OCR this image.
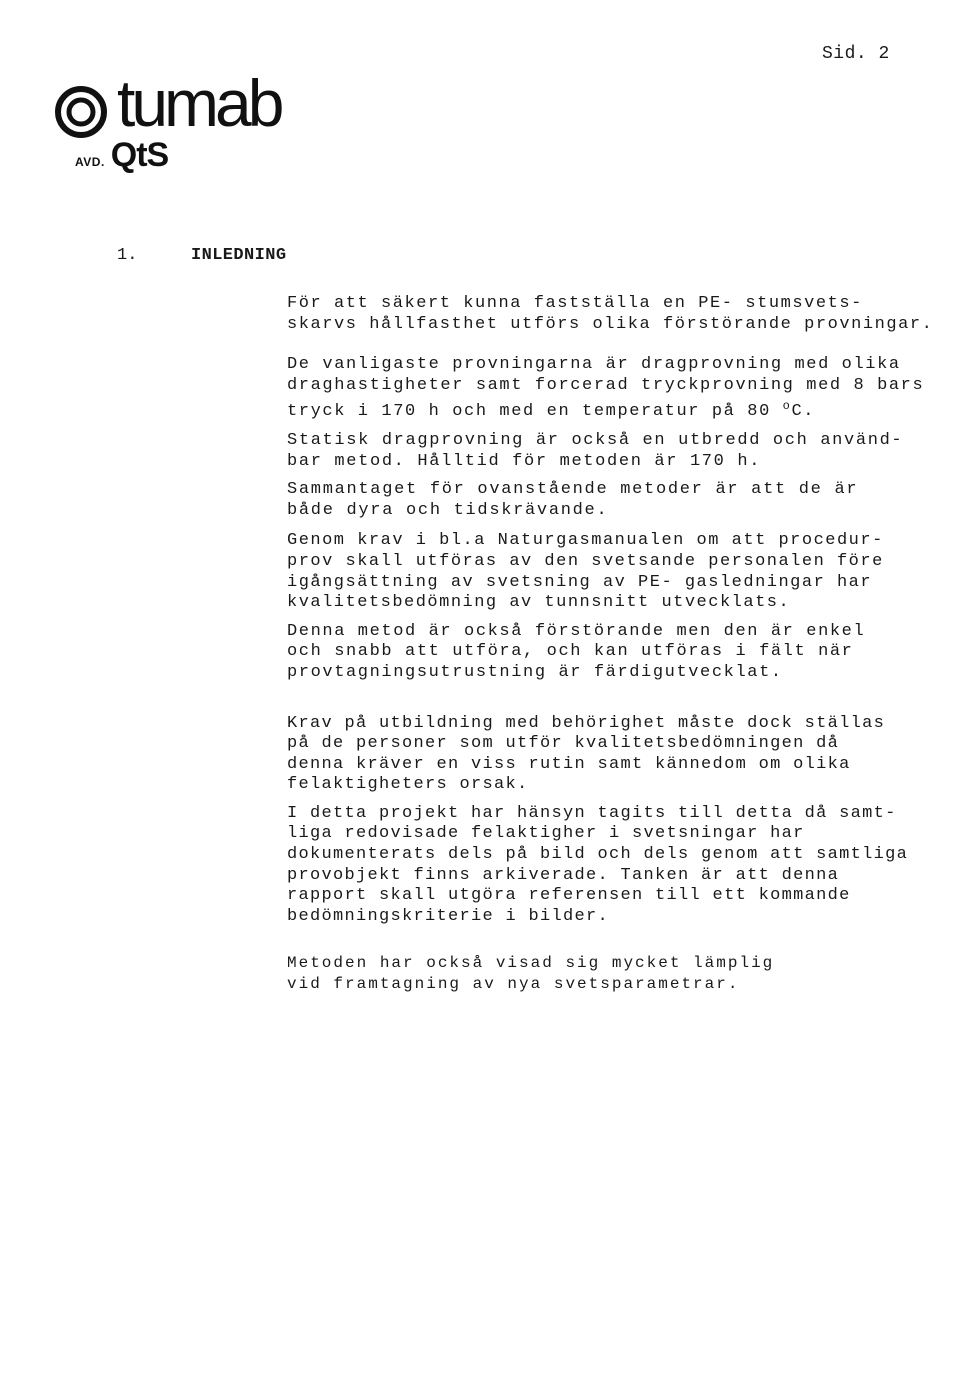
Sid. 2
tumab
AVD. QtS
1.	INLEDNING
För att säkert kunna fastställa en PE- stumsvets-
skarvs hållfasthet utförs olika förstörande provningar.
De vanligaste provningarna är dragprovning med olika
draghastigheter samt forcerad tryckprovning med 8 bars
tryck i 170 h och med en temperatur på 80 $^o$C.
Statisk dragprovning är också en utbredd och använd-
bar metod. Hålltid för metoden är 170 h.
Sammantaget för ovanstående metoder är att de är
både dyra och tidskrävande.
Genom krav i bl.a Naturgasmanualen om att procedur-
prov skall utföras av den svetsande personalen före
igångsättning av svetsning av PE- gasledningar har
kvalitetsbedömning av tunnsnitt utvecklats.
Denna metod är också förstörande men den är enkel
och snabb att utföra, och kan utföras i fält när
provtagningsutrustning är färdigutvecklat.
Krav på utbildning med behörighet måste dock ställas
på de personer som utför kvalitetsbedömningen då
denna kräver en viss rutin samt kännedom om olika
felaktigheters orsak.
I detta projekt har hänsyn tagits till detta då samt-
liga redovisade felaktigher i svetsningar har
dokumenterats dels på bild och dels genom att samtliga
provobjekt finns arkiverade. Tanken är att denna
rapport skall utgöra referensen till ett kommande
bedömningskriterie i bilder.
Metoden har också visad sig mycket lämplig
vid framtagning av nya svetsparametrar.
